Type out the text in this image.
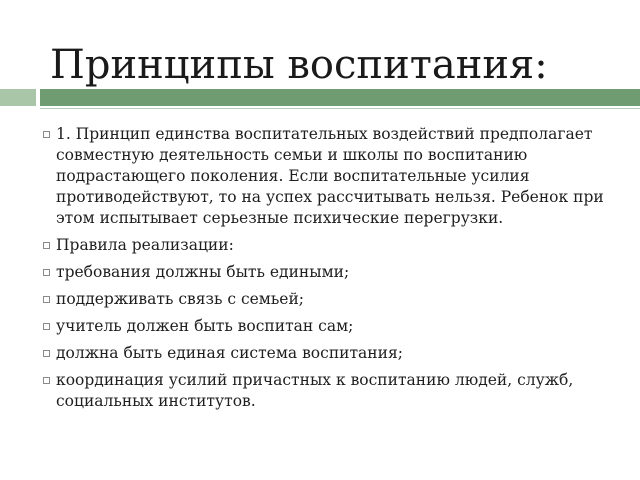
Принципы воспитания:
1. Принцип единства воспитательных воздействий предполагает совместную деятельность семьи и школы по воспитанию подрастающего поколения. Если воспитательные усилия противодействуют, то на успех рассчитывать нельзя. Ребенок при этом испытывает серьезные психические перегрузки.
Правила реализации:
требования должны быть едиными;
поддерживать связь с семьей;
учитель должен быть воспитан сам;
должна быть единая система воспитания;
координация усилий причастных к воспитанию людей, служб, социальных институтов.
